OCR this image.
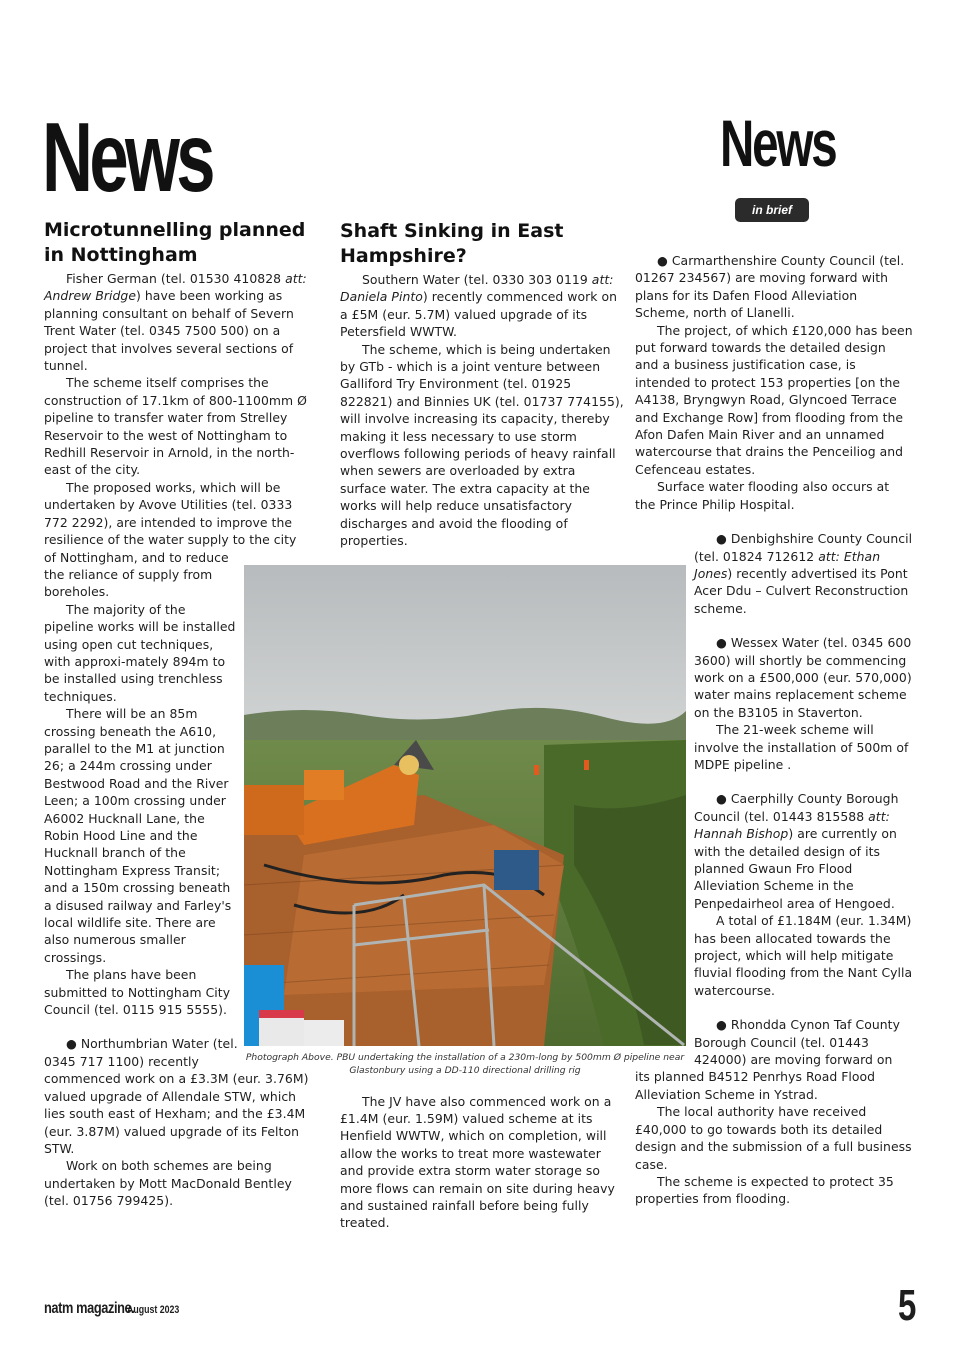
News	News
in brief
Microtunnelling planned in Nottingham

Fisher German (tel. 01530 410828 att: Andrew Bridge) have been working as planning consultant on behalf of Severn Trent Water (tel. 0345 7500 500) on a project that involves several sections of tunnel.

The scheme itself comprises the construction of 17.1km of 800-1100mm Ø pipeline to transfer water from Strelley Reservoir to the west of Nottingham to Redhill Reservoir in Arnold, in the north-east of the city.

The proposed works, which will be undertaken by Avove Utilities (tel. 0333 772 2292), are intended to improve the resilience of the water supply to the city

of Nottingham, and to reduce the reliance of supply from boreholes.

The majority of the pipeline works will be installed using open cut techniques, with approxi-mately 894m to be installed using trenchless techniques.

There will be an 85m crossing beneath the A610, parallel to the M1 at junction 26; a 244m crossing under Bestwood Road and the River Leen; a 100m crossing under A6002 Hucknall Lane, the Robin Hood Line and the Hucknall branch of the Nottingham Express Transit; and a 150m crossing beneath a disused railway and Farley's local wildlife site. There are also numerous smaller crossings.

The plans have been submitted to Nottingham City Council (tel. 0115 915 5555).

● Northumbrian Water (tel. 0345 717 1100) recently

commenced work on a £3.3M (eur. 3.76M) valued upgrade of Allendale STW, which lies south east of Hexham; and the £3.4M (eur. 3.87M) valued upgrade of its Felton STW.

Work on both schemes are being undertaken by Mott MacDonald Bentley (tel. 01756 799425).

Shaft Sinking in East Hampshire?

Southern Water (tel. 0330 303 0119 att: Daniela Pinto) recently commenced work on a £5M (eur. 5.7M) valued upgrade of its Petersfield WWTW.

The scheme, which is being undertaken by GTb - which is a joint venture between Galliford Try Environment (tel. 01925 822821) and Binnies UK (tel. 01737 774155), will involve increasing its capacity, thereby making it less necessary to use storm overflows following periods of heavy rainfall when sewers are overloaded by extra surface water. The extra capacity at the works will help reduce unsatisfactory discharges and avoid the flooding of properties.

The JV have also commenced work on a £1.4M (eur. 1.59M) valued scheme at its Henfield WWTW, which on completion, will allow the works to treat more wastewater and provide extra storm water storage so more flows can remain on site during heavy and sustained rainfall before being fully treated.

● Carmarthenshire County Council (tel. 01267 234567) are moving forward with plans for its Dafen Flood Alleviation Scheme, north of Llanelli.

The project, of which £120,000 has been put forward towards the detailed design and a business justification case, is intended to protect 153 properties [on the A4138, Bryngwyn Road, Glyncoed Terrace and Exchange Row] from flooding from the Afon Dafen Main River and an unnamed watercourse that drains the Penceiliog and Cefenceau estates.

Surface water flooding also occurs at the Prince Philip Hospital.

● Denbighshire County Council (tel. 01824 712612 att: Ethan Jones) recently advertised its Pont Acer Ddu – Culvert Reconstruction scheme.

● Wessex Water (tel. 0345 600 3600) will shortly be commencing work on a £500,000 (eur. 570,000) water mains replacement scheme on the B3105 in Staverton.

The 21-week scheme will involve the installation of 500m of MDPE pipeline .

● Caerphilly County Borough Council (tel. 01443 815588 att: Hannah Bishop) are currently on with the detailed design of its planned Gwaun Fro Flood Alleviation Scheme in the Penpedairheol area of Hengoed.

A total of £1.184M (eur. 1.34M) has been allocated towards the project, which will help mitigate fluvial flooding from the Nant Cylla watercourse.

● Rhondda Cynon Taf County Borough Council (tel. 01443 424000) are moving forward on

its planned B4512 Penrhys Road Flood Alleviation Scheme in Ystrad.

The local authority have received £40,000 to go towards both its detailed design and the submission of a full business case.

The scheme is expected to protect 35 properties from flooding.

Photograph Above. PBU undertaking the installation of a 230m-long by 500mm Ø pipeline near Glastonbury using a DD-110 directional drilling rig
natm magazine.
August 2023	5
